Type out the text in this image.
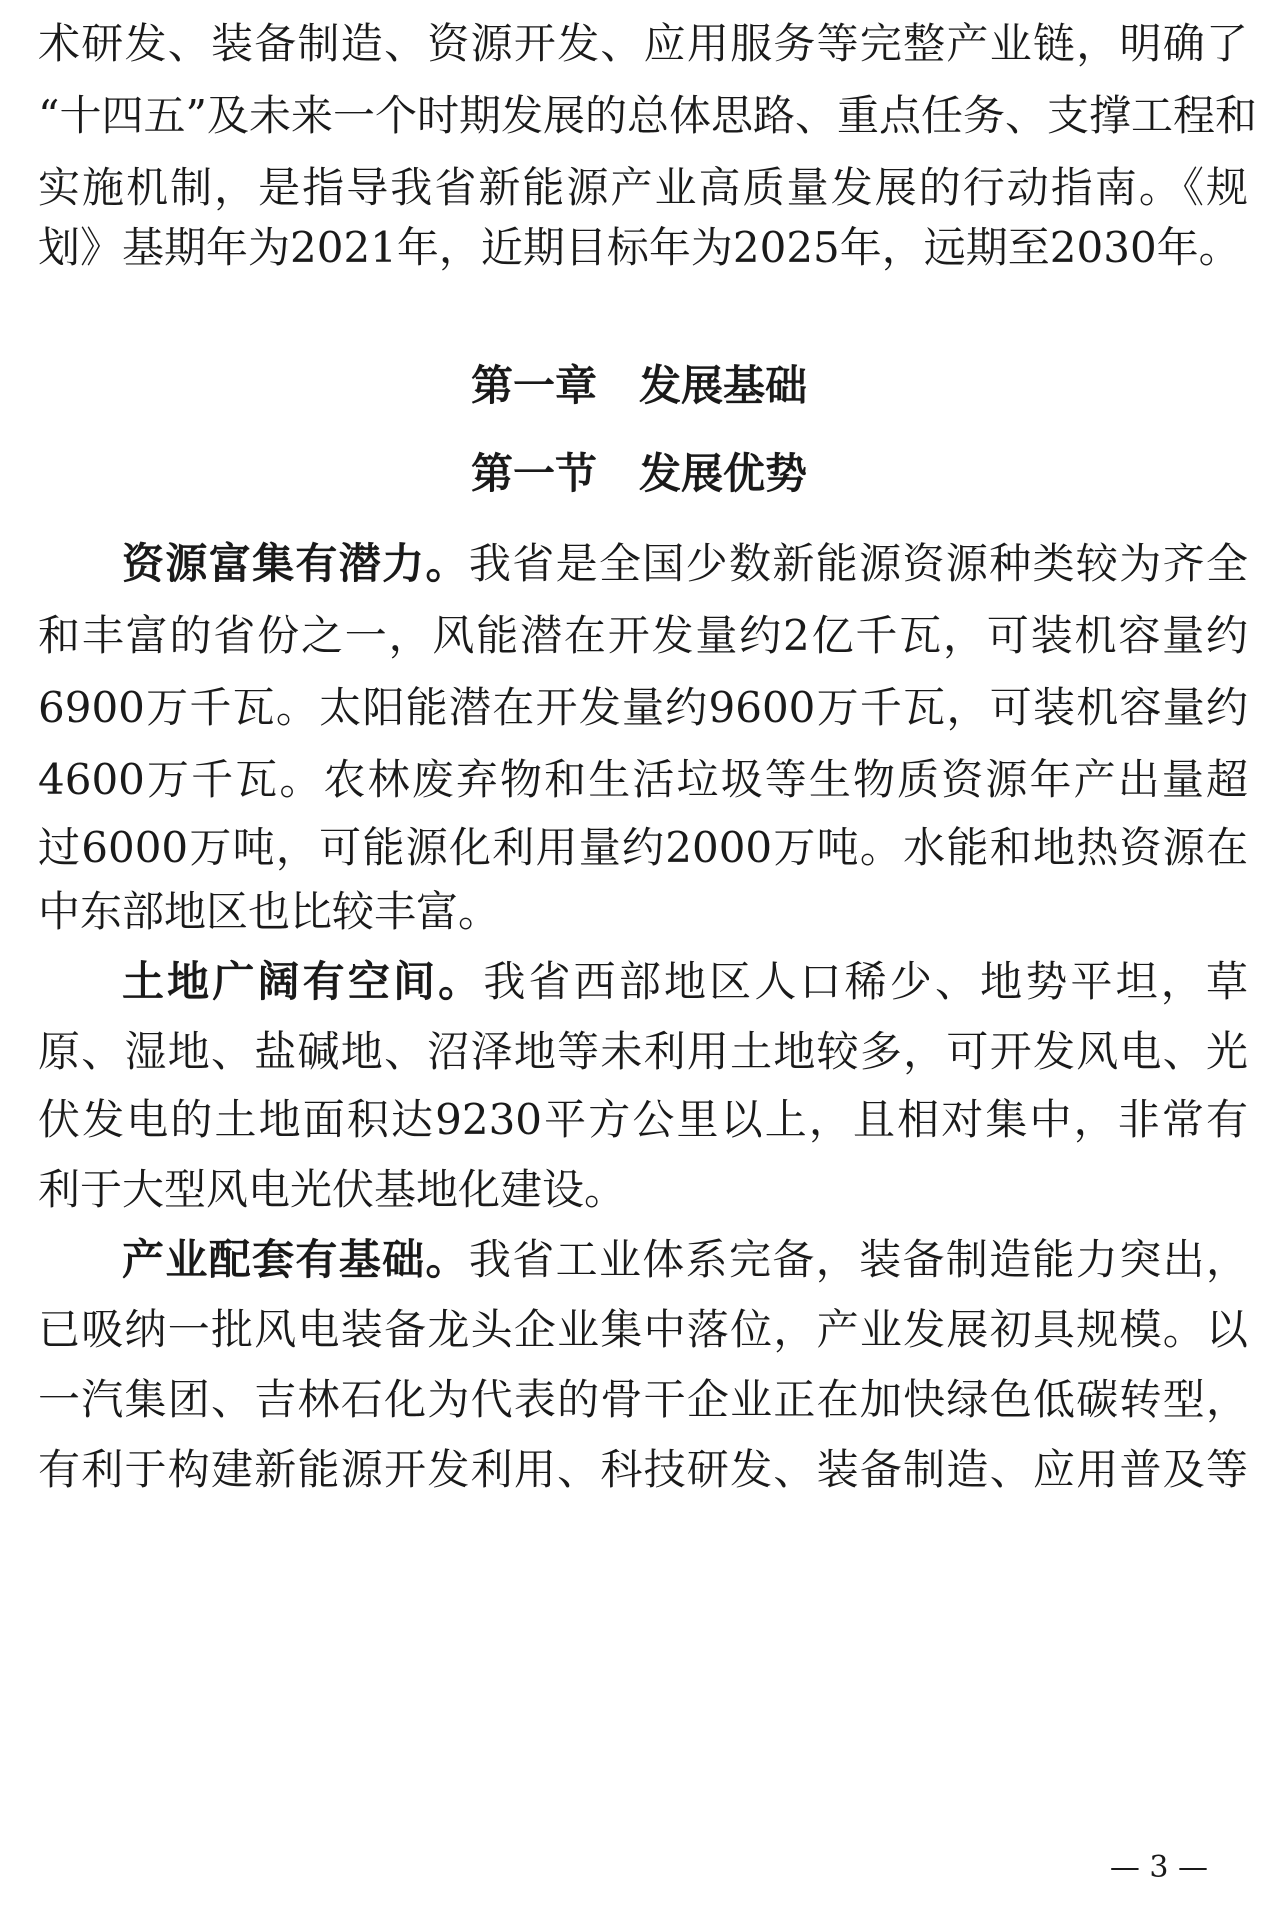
术研发、装备制造、资源开发、应用服务等完整产业链，明确了
“十四五”及未来一个时期发展的总体思路、重点任务、支撑工程和
实施机制，是指导我省新能源产业高质量发展的行动指南。《规
划》基期年为2021年，近期目标年为2025年，远期至2030年。
第一章　发展基础
第一节　发展优势
资源富集有潜力。我省是全国少数新能源资源种类较为齐全
和丰富的省份之一，风能潜在开发量约2亿千瓦，可装机容量约
6900万千瓦。太阳能潜在开发量约9600万千瓦，可装机容量约
4600万千瓦。农林废弃物和生活垃圾等生物质资源年产出量超
过6000万吨，可能源化利用量约2000万吨。水能和地热资源在
中东部地区也比较丰富。
土地广阔有空间。我省西部地区人口稀少、地势平坦，草
原、湿地、盐碱地、沼泽地等未利用土地较多，可开发风电、光
伏发电的土地面积达9230平方公里以上，且相对集中，非常有
利于大型风电光伏基地化建设。
产业配套有基础。我省工业体系完备，装备制造能力突出，
已吸纳一批风电装备龙头企业集中落位，产业发展初具规模。以
一汽集团、吉林石化为代表的骨干企业正在加快绿色低碳转型，
有利于构建新能源开发利用、科技研发、装备制造、应用普及等
— 3 —
